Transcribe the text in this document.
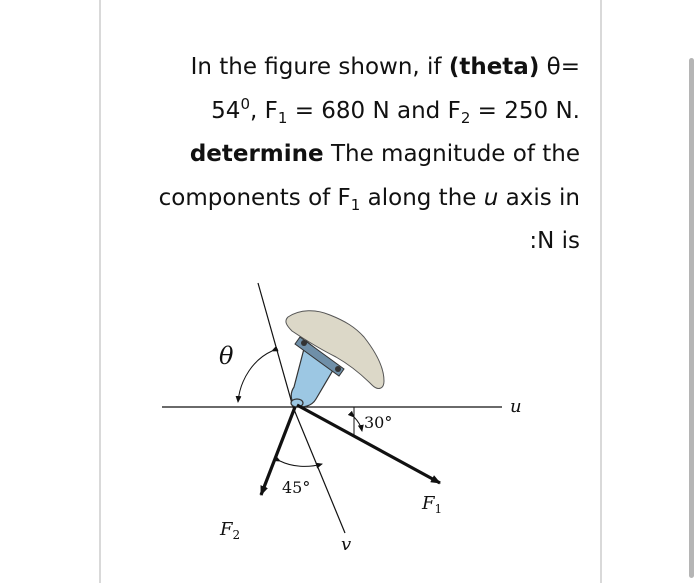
In the figure shown, if (theta) θ=
$54^0$, $F_1 = 680$ N and $F_2 = 250$ N.
determine The magnitude of the
components of $F_1$ along the u axis in
:N is
θ
u
30°
45°
$F_1$
$F_2$	v
